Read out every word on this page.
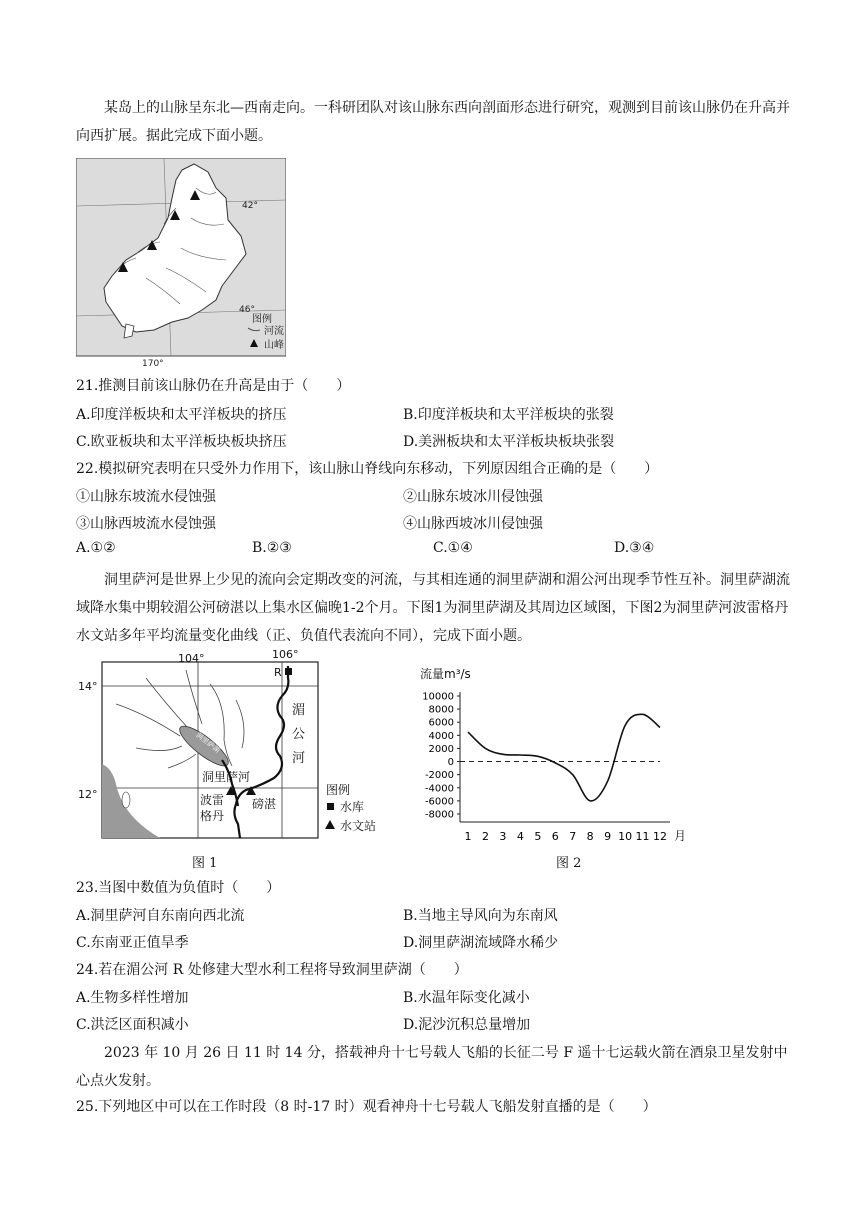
某岛上的山脉呈东北—西南走向。一科研团队对该山脉东西向剖面形态进行研究，观测到目前该山脉仍在升高并向西扩展。据此完成下面小题。
42°
46°
170°
图例
河流
山峰
21.推测目前该山脉仍在升高是由于（　　）
A.印度洋板块和太平洋板块的挤压	B.印度洋板块和太平洋板块的张裂
C.欧亚板块和太平洋板块板块挤压	D.美洲板块和太平洋板块板块张裂
22.模拟研究表明在只受外力作用下，该山脉山脊线向东移动，下列原因组合正确的是（　　）
①山脉东坡流水侵蚀强	②山脉东坡冰川侵蚀强
③山脉西坡流水侵蚀强	④山脉西坡冰川侵蚀强
A.①②	B.②③	C.①④	D.③④
洞里萨河是世界上少见的流向会定期改变的河流，与其相连通的洞里萨湖和湄公河出现季节性互补。洞里萨湖流域降水集中期较湄公河磅湛以上集水区偏晚1-2个月。下图1为洞里萨湖及其周边区域图，下图2为洞里萨河波雷格丹水文站多年平均流量变化曲线（正、负值代表流向不同），完成下面小题。
洞里萨湖
R
104°	106°
14°
12°
湄
公
河
洞里萨河
波雷
格丹
磅湛
图例
水库
水文站
图 1
流量m³/s
10000
8000
6000
4000
2000
0
-2000
-4000
-6000
-8000
1 2 3 4 5 6 7 8 9 10 11 12 月
图 2
23.当图中数值为负值时（　　）
A.洞里萨河自东南向西北流	B.当地主导风向为东南风
C.东南亚正值旱季	D.洞里萨湖流域降水稀少
24.若在湄公河 R 处修建大型水利工程将导致洞里萨湖（　　）
A.生物多样性增加	B.水温年际变化减小
C.洪泛区面积减小	D.泥沙沉积总量增加
2023 年 10 月 26 日 11 时 14 分，搭载神舟十七号载人飞船的长征二号 F 遥十七运载火箭在酒泉卫星发射中心点火发射。
25.下列地区中可以在工作时段（8 时-17 时）观看神舟十七号载人飞船发射直播的是（　　）
